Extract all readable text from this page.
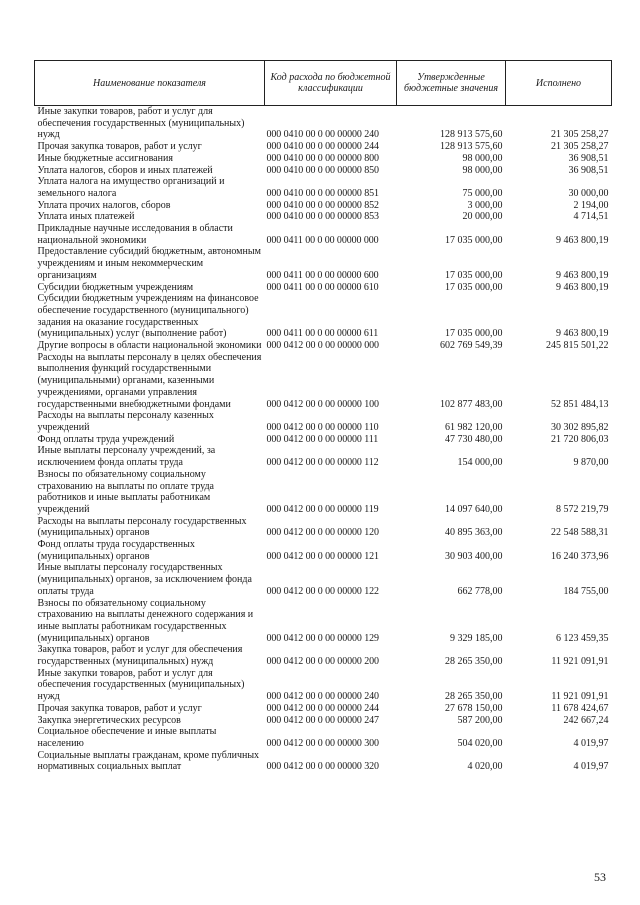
Наименование показателя	Код расхода по бюджетной классификации	Утвержденные бюджетные значения	Исполнено
Иные закупки товаров, работ и услуг для обеспечения государственных (муниципальных) нужд	000 0410 00 0 00 00000 240	128 913 575,60	21 305 258,27
Прочая закупка товаров, работ и услуг	000 0410 00 0 00 00000 244	128 913 575,60	21 305 258,27
Иные бюджетные ассигнования	000 0410 00 0 00 00000 800	98 000,00	36 908,51
Уплата налогов, сборов и иных платежей	000 0410 00 0 00 00000 850	98 000,00	36 908,51
Уплата налога на имущество организаций и земельного налога	000 0410 00 0 00 00000 851	75 000,00	30 000,00
Уплата прочих налогов, сборов	000 0410 00 0 00 00000 852	3 000,00	2 194,00
Уплата иных платежей	000 0410 00 0 00 00000 853	20 000,00	4 714,51
Прикладные научные исследования в области национальной экономики	000 0411 00 0 00 00000 000	17 035 000,00	9 463 800,19
Предоставление субсидий бюджетным, автономным учреждениям и иным некоммерческим организациям	000 0411 00 0 00 00000 600	17 035 000,00	9 463 800,19
Субсидии бюджетным учреждениям	000 0411 00 0 00 00000 610	17 035 000,00	9 463 800,19
Субсидии бюджетным учреждениям на финансовое обеспечение государственного (муниципального) задания на оказание государственных (муниципальных) услуг (выполнение работ)	000 0411 00 0 00 00000 611	17 035 000,00	9 463 800,19
Другие вопросы в области национальной экономики	000 0412 00 0 00 00000 000	602 769 549,39	245 815 501,22
Расходы на выплаты персоналу в целях обеспечения выполнения функций государственными (муниципальными) органами, казенными учреждениями, органами управления государственными внебюджетными фондами	000 0412 00 0 00 00000 100	102 877 483,00	52 851 484,13
Расходы на выплаты персоналу казенных учреждений	000 0412 00 0 00 00000 110	61 982 120,00	30 302 895,82
Фонд оплаты труда учреждений	000 0412 00 0 00 00000 111	47 730 480,00	21 720 806,03
Иные выплаты персоналу учреждений, за исключением фонда оплаты труда	000 0412 00 0 00 00000 112	154 000,00	9 870,00
Взносы по обязательному социальному страхованию на выплаты по оплате труда работников и иные выплаты работникам учреждений	000 0412 00 0 00 00000 119	14 097 640,00	8 572 219,79
Расходы на выплаты персоналу государственных (муниципальных) органов	000 0412 00 0 00 00000 120	40 895 363,00	22 548 588,31
Фонд оплаты труда государственных (муниципальных) органов	000 0412 00 0 00 00000 121	30 903 400,00	16 240 373,96
Иные выплаты персоналу государственных (муниципальных) органов, за исключением фонда оплаты труда	000 0412 00 0 00 00000 122	662 778,00	184 755,00
Взносы по обязательному социальному страхованию на выплаты денежного содержания и иные выплаты работникам государственных (муниципальных) органов	000 0412 00 0 00 00000 129	9 329 185,00	6 123 459,35
Закупка товаров, работ и услуг для обеспечения государственных (муниципальных) нужд	000 0412 00 0 00 00000 200	28 265 350,00	11 921 091,91
Иные закупки товаров, работ и услуг для обеспечения государственных (муниципальных) нужд	000 0412 00 0 00 00000 240	28 265 350,00	11 921 091,91
Прочая закупка товаров, работ и услуг	000 0412 00 0 00 00000 244	27 678 150,00	11 678 424,67
Закупка энергетических ресурсов	000 0412 00 0 00 00000 247	587 200,00	242 667,24
Социальное обеспечение и иные выплаты населению	000 0412 00 0 00 00000 300	504 020,00	4 019,97
Социальные выплаты гражданам, кроме публичных нормативных социальных выплат	000 0412 00 0 00 00000 320	4 020,00	4 019,97
53
